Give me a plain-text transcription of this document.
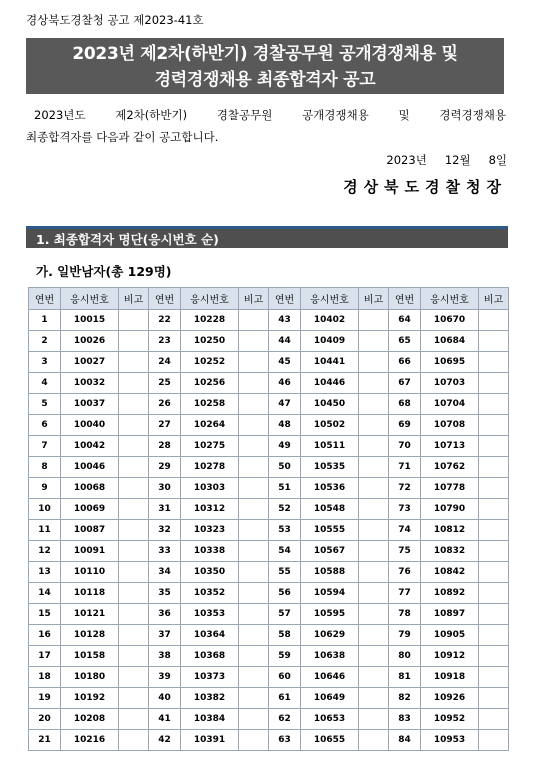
경상북도경찰청 공고 제2023-41호
2023년 제2차(하반기) 경찰공무원 공개경쟁채용 및
경력경쟁채용 최종합격자 공고
2023년도	제2차(하반기)	경찰공무원	공개경쟁채용	및	경력경쟁채용
최종합격자를 다음과 같이 공고합니다.
2023년 12월 8일
경상북도경찰청장
1. 최종합격자 명단(응시번호 순)
가. 일반남자(총 129명)
연번	응시번호	비고	연번	응시번호	비고	연번	응시번호	비고	연번	응시번호	비고
1	10015		22	10228		43	10402		64	10670	
2	10026		23	10250		44	10409		65	10684	
3	10027		24	10252		45	10441		66	10695	
4	10032		25	10256		46	10446		67	10703	
5	10037		26	10258		47	10450		68	10704	
6	10040		27	10264		48	10502		69	10708	
7	10042		28	10275		49	10511		70	10713	
8	10046		29	10278		50	10535		71	10762	
9	10068		30	10303		51	10536		72	10778	
10	10069		31	10312		52	10548		73	10790	
11	10087		32	10323		53	10555		74	10812	
12	10091		33	10338		54	10567		75	10832	
13	10110		34	10350		55	10588		76	10842	
14	10118		35	10352		56	10594		77	10892	
15	10121		36	10353		57	10595		78	10897	
16	10128		37	10364		58	10629		79	10905	
17	10158		38	10368		59	10638		80	10912	
18	10180		39	10373		60	10646		81	10918	
19	10192		40	10382		61	10649		82	10926	
20	10208		41	10384		62	10653		83	10952	
21	10216		42	10391		63	10655		84	10953	
